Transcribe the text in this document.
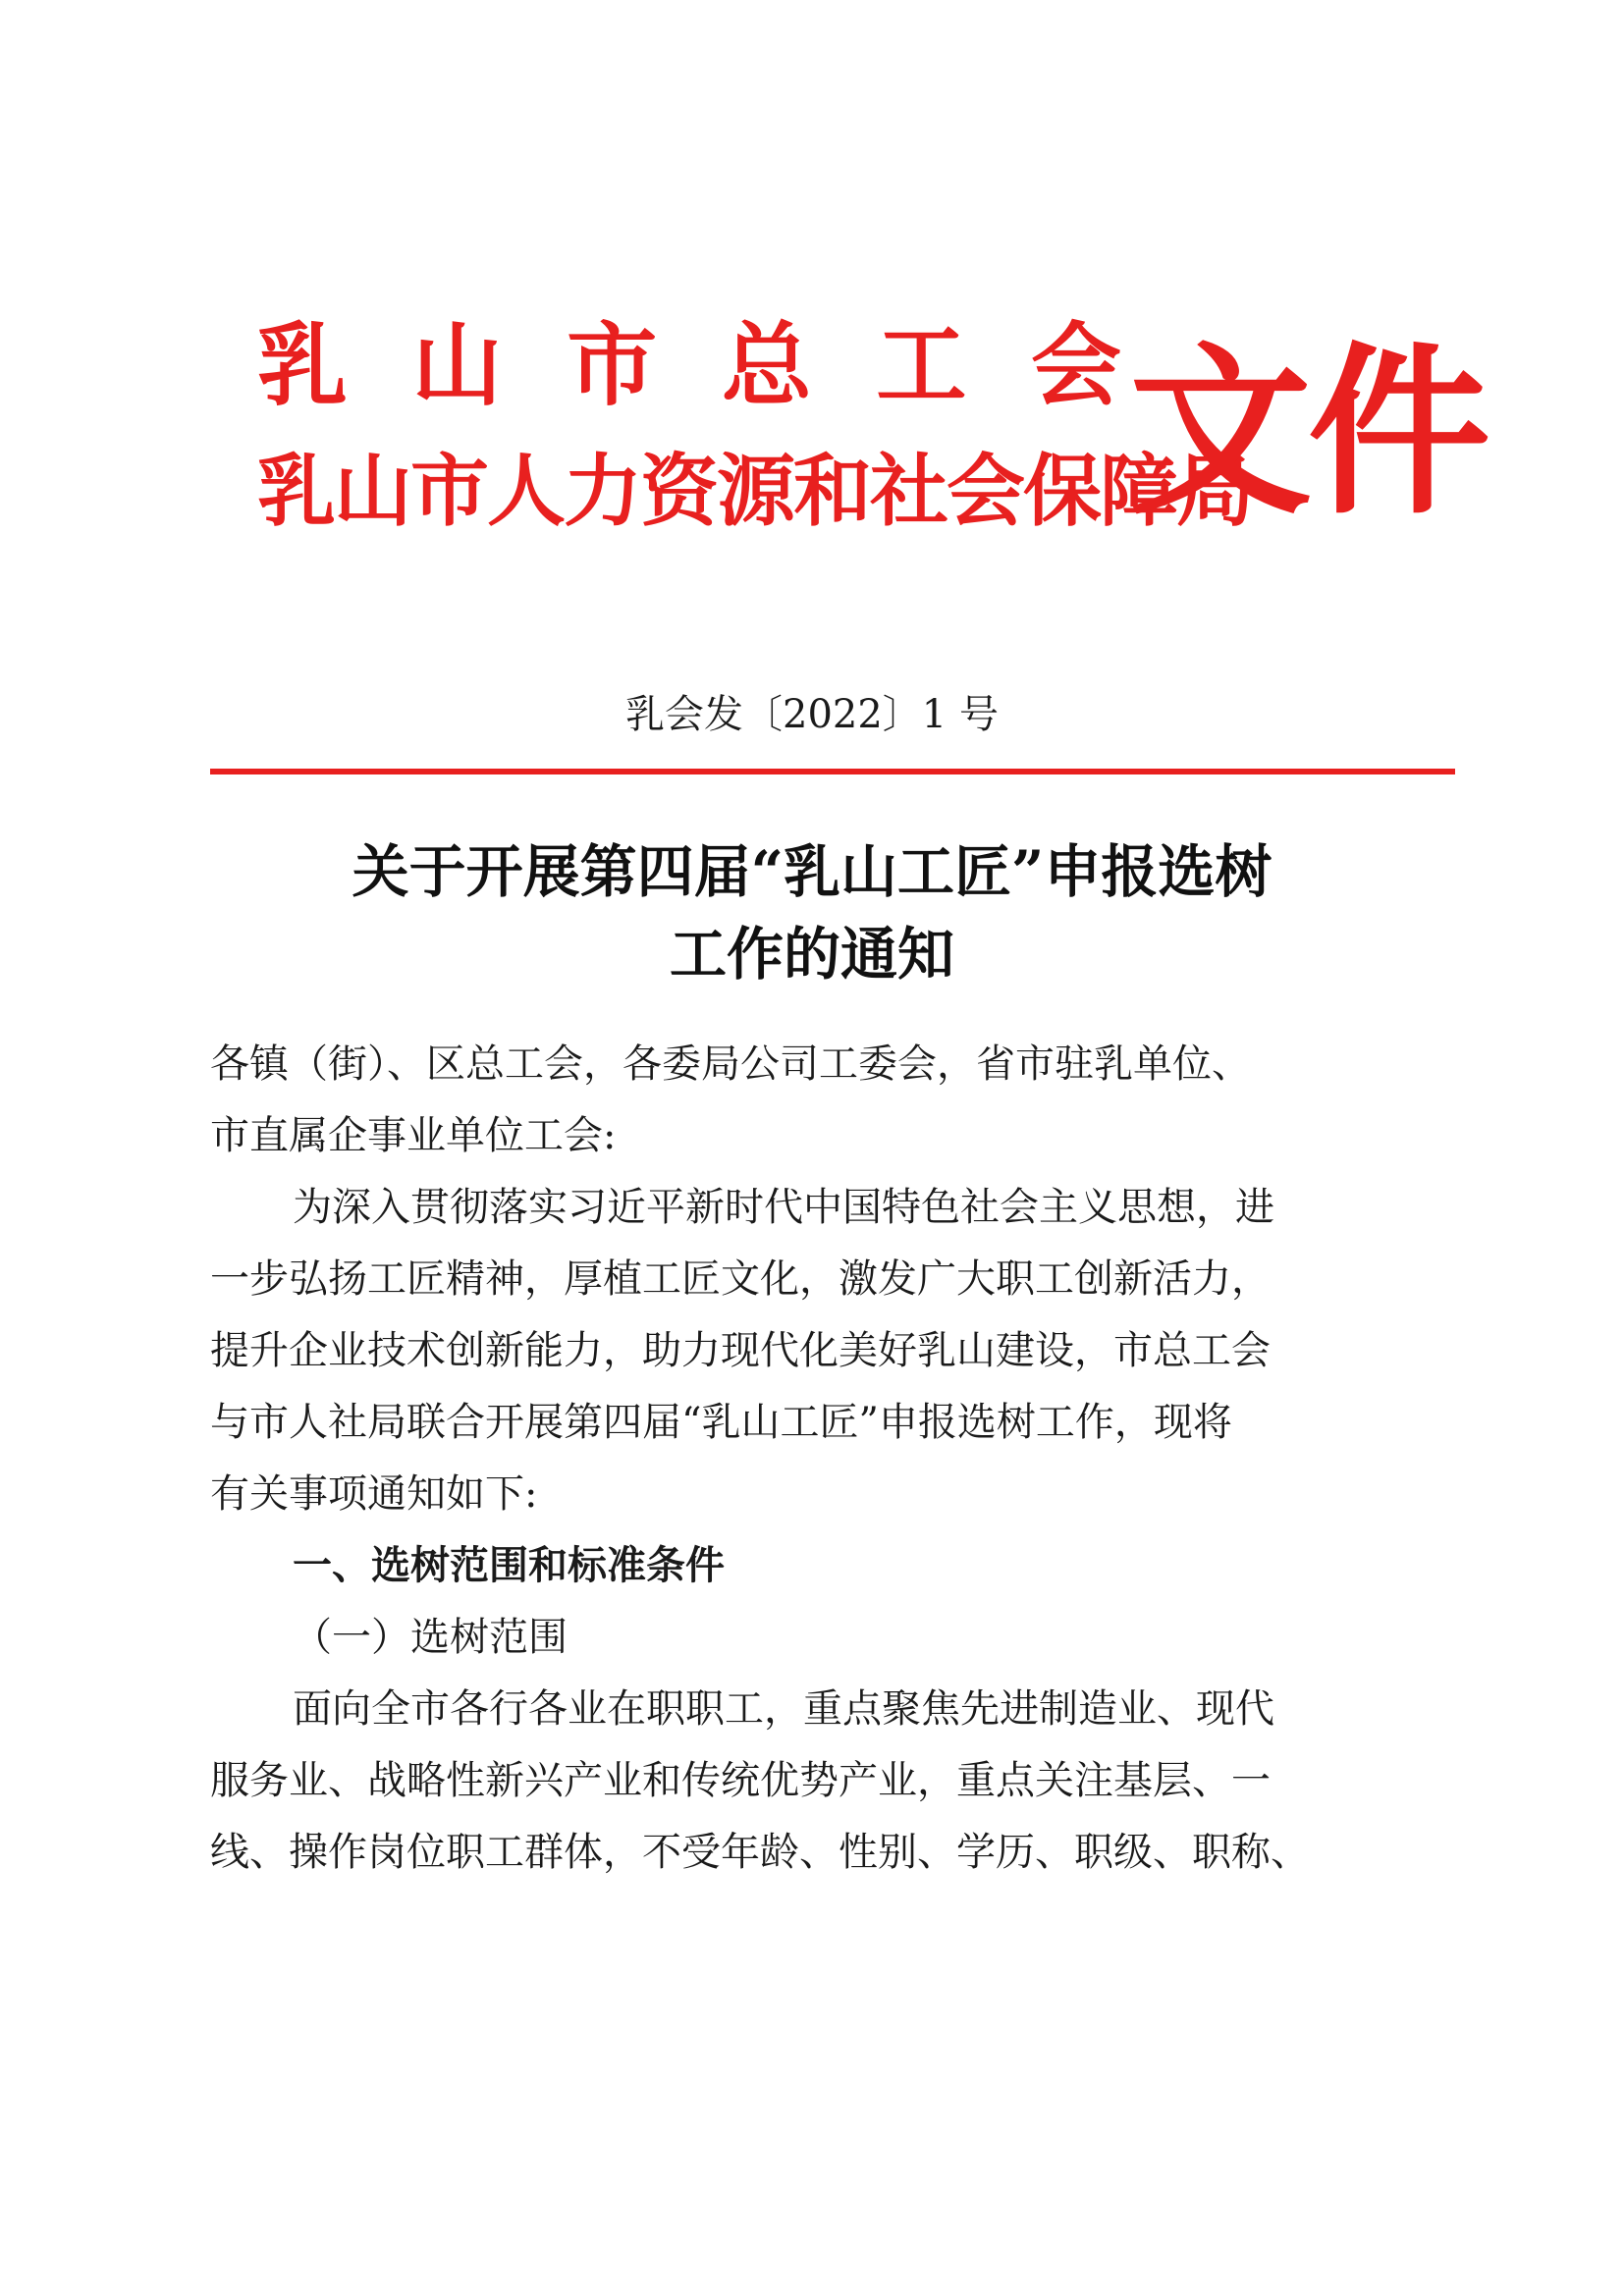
乳 山 市 总 工 会
乳山市人力资源和社会保障局
文件
乳会发〔2022〕1 号
关于开展第四届“乳山工匠”申报选树
工作的通知

各镇（街）、区总工会，各委局公司工委会，省市驻乳单位、
市直属企事业单位工会:

为深入贯彻落实习近平新时代中国特色社会主义思想，进
一步弘扬工匠精神，厚植工匠文化，激发广大职工创新活力，
提升企业技术创新能力，助力现代化美好乳山建设，市总工会
与市人社局联合开展第四届“乳山工匠”申报选树工作，现将
有关事项通知如下:

一、选树范围和标准条件

（一）选树范围

面向全市各行各业在职职工，重点聚焦先进制造业、现代
服务业、战略性新兴产业和传统优势产业，重点关注基层、一
线、操作岗位职工群体，不受年龄、性别、学历、职级、职称、
